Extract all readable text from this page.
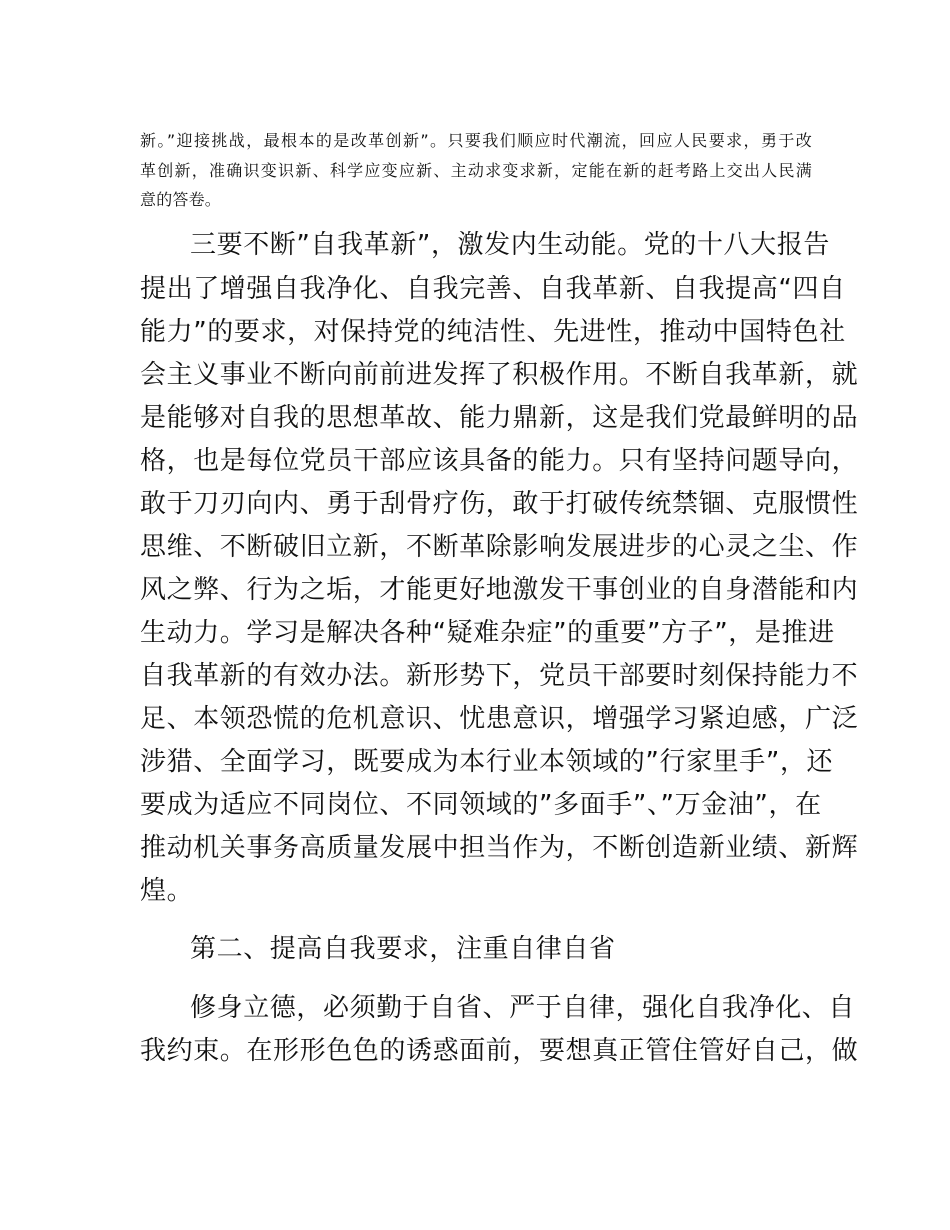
新。”迎接挑战，最根本的是改革创新”。只要我们顺应时代潮流，回应人民要求，勇于改
革创新，准确识变识新、科学应变应新、主动求变求新，定能在新的赶考路上交出人民满
意的答卷。
三要不断”自我革新”，激发内生动能。党的十八大报告
提出了增强自我净化、自我完善、自我革新、自我提高“四自
能力”的要求，对保持党的纯洁性、先进性，推动中国特色社
会主义事业不断向前前进发挥了积极作用。不断自我革新，就
是能够对自我的思想革故、能力鼎新，这是我们党最鲜明的品
格，也是每位党员干部应该具备的能力。只有坚持问题导向，
敢于刀刃向内、勇于刮骨疗伤，敢于打破传统禁锢、克服惯性
思维、不断破旧立新，不断革除影响发展进步的心灵之尘、作
风之弊、行为之垢，才能更好地激发干事创业的自身潜能和内
生动力。学习是解决各种“疑难杂症”的重要”方子”，是推进
自我革新的有效办法。新形势下，党员干部要时刻保持能力不
足、本领恐慌的危机意识、忧患意识，增强学习紧迫感，广泛
涉猎、全面学习，既要成为本行业本领域的”行家里手”，还
要成为适应不同岗位、不同领域的”多面手”、”万金油”，在
推动机关事务高质量发展中担当作为，不断创造新业绩、新辉
煌。
第二、提高自我要求，注重自律自省
修身立德，必须勤于自省、严于自律，强化自我净化、自
我约束。在形形色色的诱惑面前，要想真正管住管好自己，做
